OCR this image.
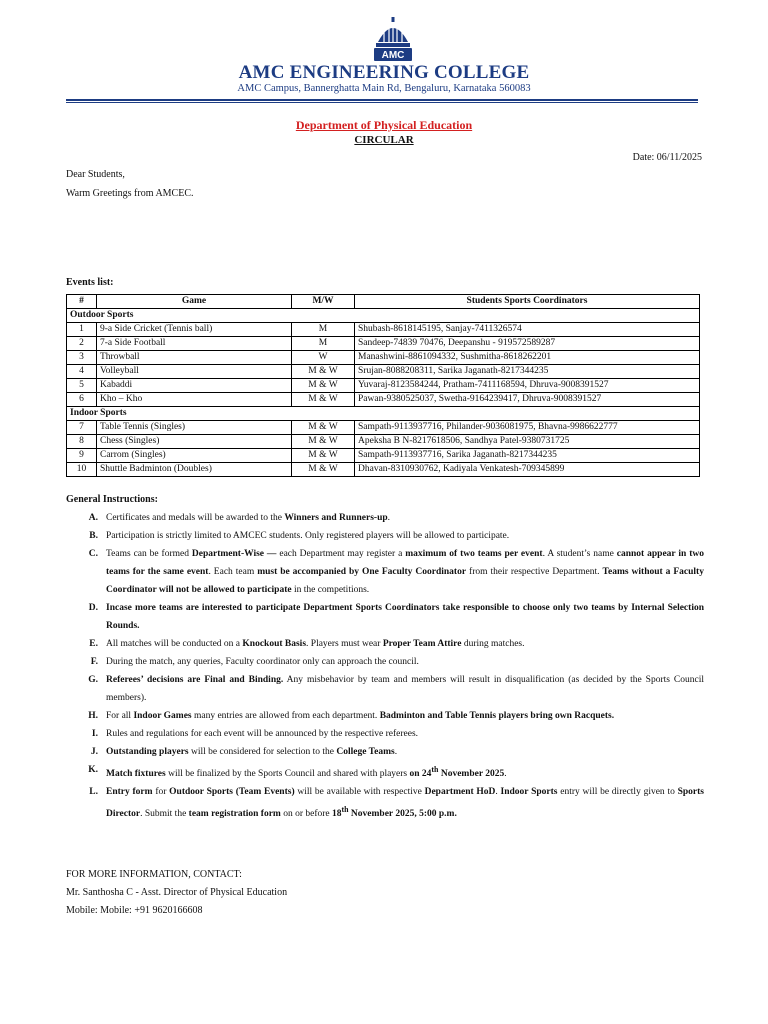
AMC
AMC ENGINEERING COLLEGE
AMC Campus, Bannerghatta Main Rd, Bengaluru, Karnataka 560083
Department of Physical Education
CIRCULAR
Date: 06/11/2025
Dear Students,
Warm Greetings from AMCEC.
Events list:
#	Game	M/W	Students Sports Coordinators
Outdoor Sports			
1	9-a Side Cricket (Tennis ball)	M	Shubash-8618145195, Sanjay-7411326574
2	7-a Side Football	M	Sandeep-74839 70476, Deepanshu - 919572589287
3	Throwball	W	Manashwini-8861094332, Sushmitha-8618262201
4	Volleyball	M & W	Srujan-8088208311, Sarika Jaganath-8217344235
5	Kabaddi	M & W	Yuvaraj-8123584244, Pratham-7411168594, Dhruva-9008391527
6	Kho – Kho	M & W	Pawan-9380525037, Swetha-9164239417, Dhruva-9008391527
Indoor Sports			
7	Table Tennis (Singles)	M & W	Sampath-9113937716, Philander-9036081975, Bhavna-9986622777
8	Chess (Singles)	M & W	Apeksha B N-8217618506, Sandhya Patel-9380731725
9	Carrom (Singles)	M & W	Sampath-9113937716, Sarika Jaganath-8217344235
10	Shuttle Badminton (Doubles)	M & W	Dhavan-8310930762, Kadiyala Venkatesh-709345899
General Instructions:
A. Certificates and medals will be awarded to the Winners and Runners-up.
B. Participation is strictly limited to AMCEC students. Only registered players will be allowed to participate.
C. Teams can be formed Department-Wise — each Department may register a maximum of two teams per event. A student’s name cannot appear in two teams for the same event. Each team must be accompanied by One Faculty Coordinator from their respective Department. Teams without a Faculty Coordinator will not be allowed to participate in the competitions.
D. Incase more teams are interested to participate Department Sports Coordinators take responsible to choose only two teams by Internal Selection Rounds.
E. All matches will be conducted on a Knockout Basis. Players must wear Proper Team Attire during matches.
F. During the match, any queries, Faculty coordinator only can approach the council.
G. Referees’ decisions are Final and Binding. Any misbehavior by team and members will result in disqualification (as decided by the Sports Council members).
H. For all Indoor Games many entries are allowed from each department. Badminton and Table Tennis players bring own Racquets.
I. Rules and regulations for each event will be announced by the respective referees.
J. Outstanding players will be considered for selection to the College Teams.
K. Match fixtures will be finalized by the Sports Council and shared with players on 24th November 2025.
L. Entry form for Outdoor Sports (Team Events) will be available with respective Department HoD. Indoor Sports entry will be directly given to Sports Director. Submit the team registration form on or before 18th November 2025, 5:00 p.m.
FOR MORE INFORMATION, CONTACT:
Mr. Santhosha C - Asst. Director of Physical Education
Mobile: Mobile: +91 9620166608
